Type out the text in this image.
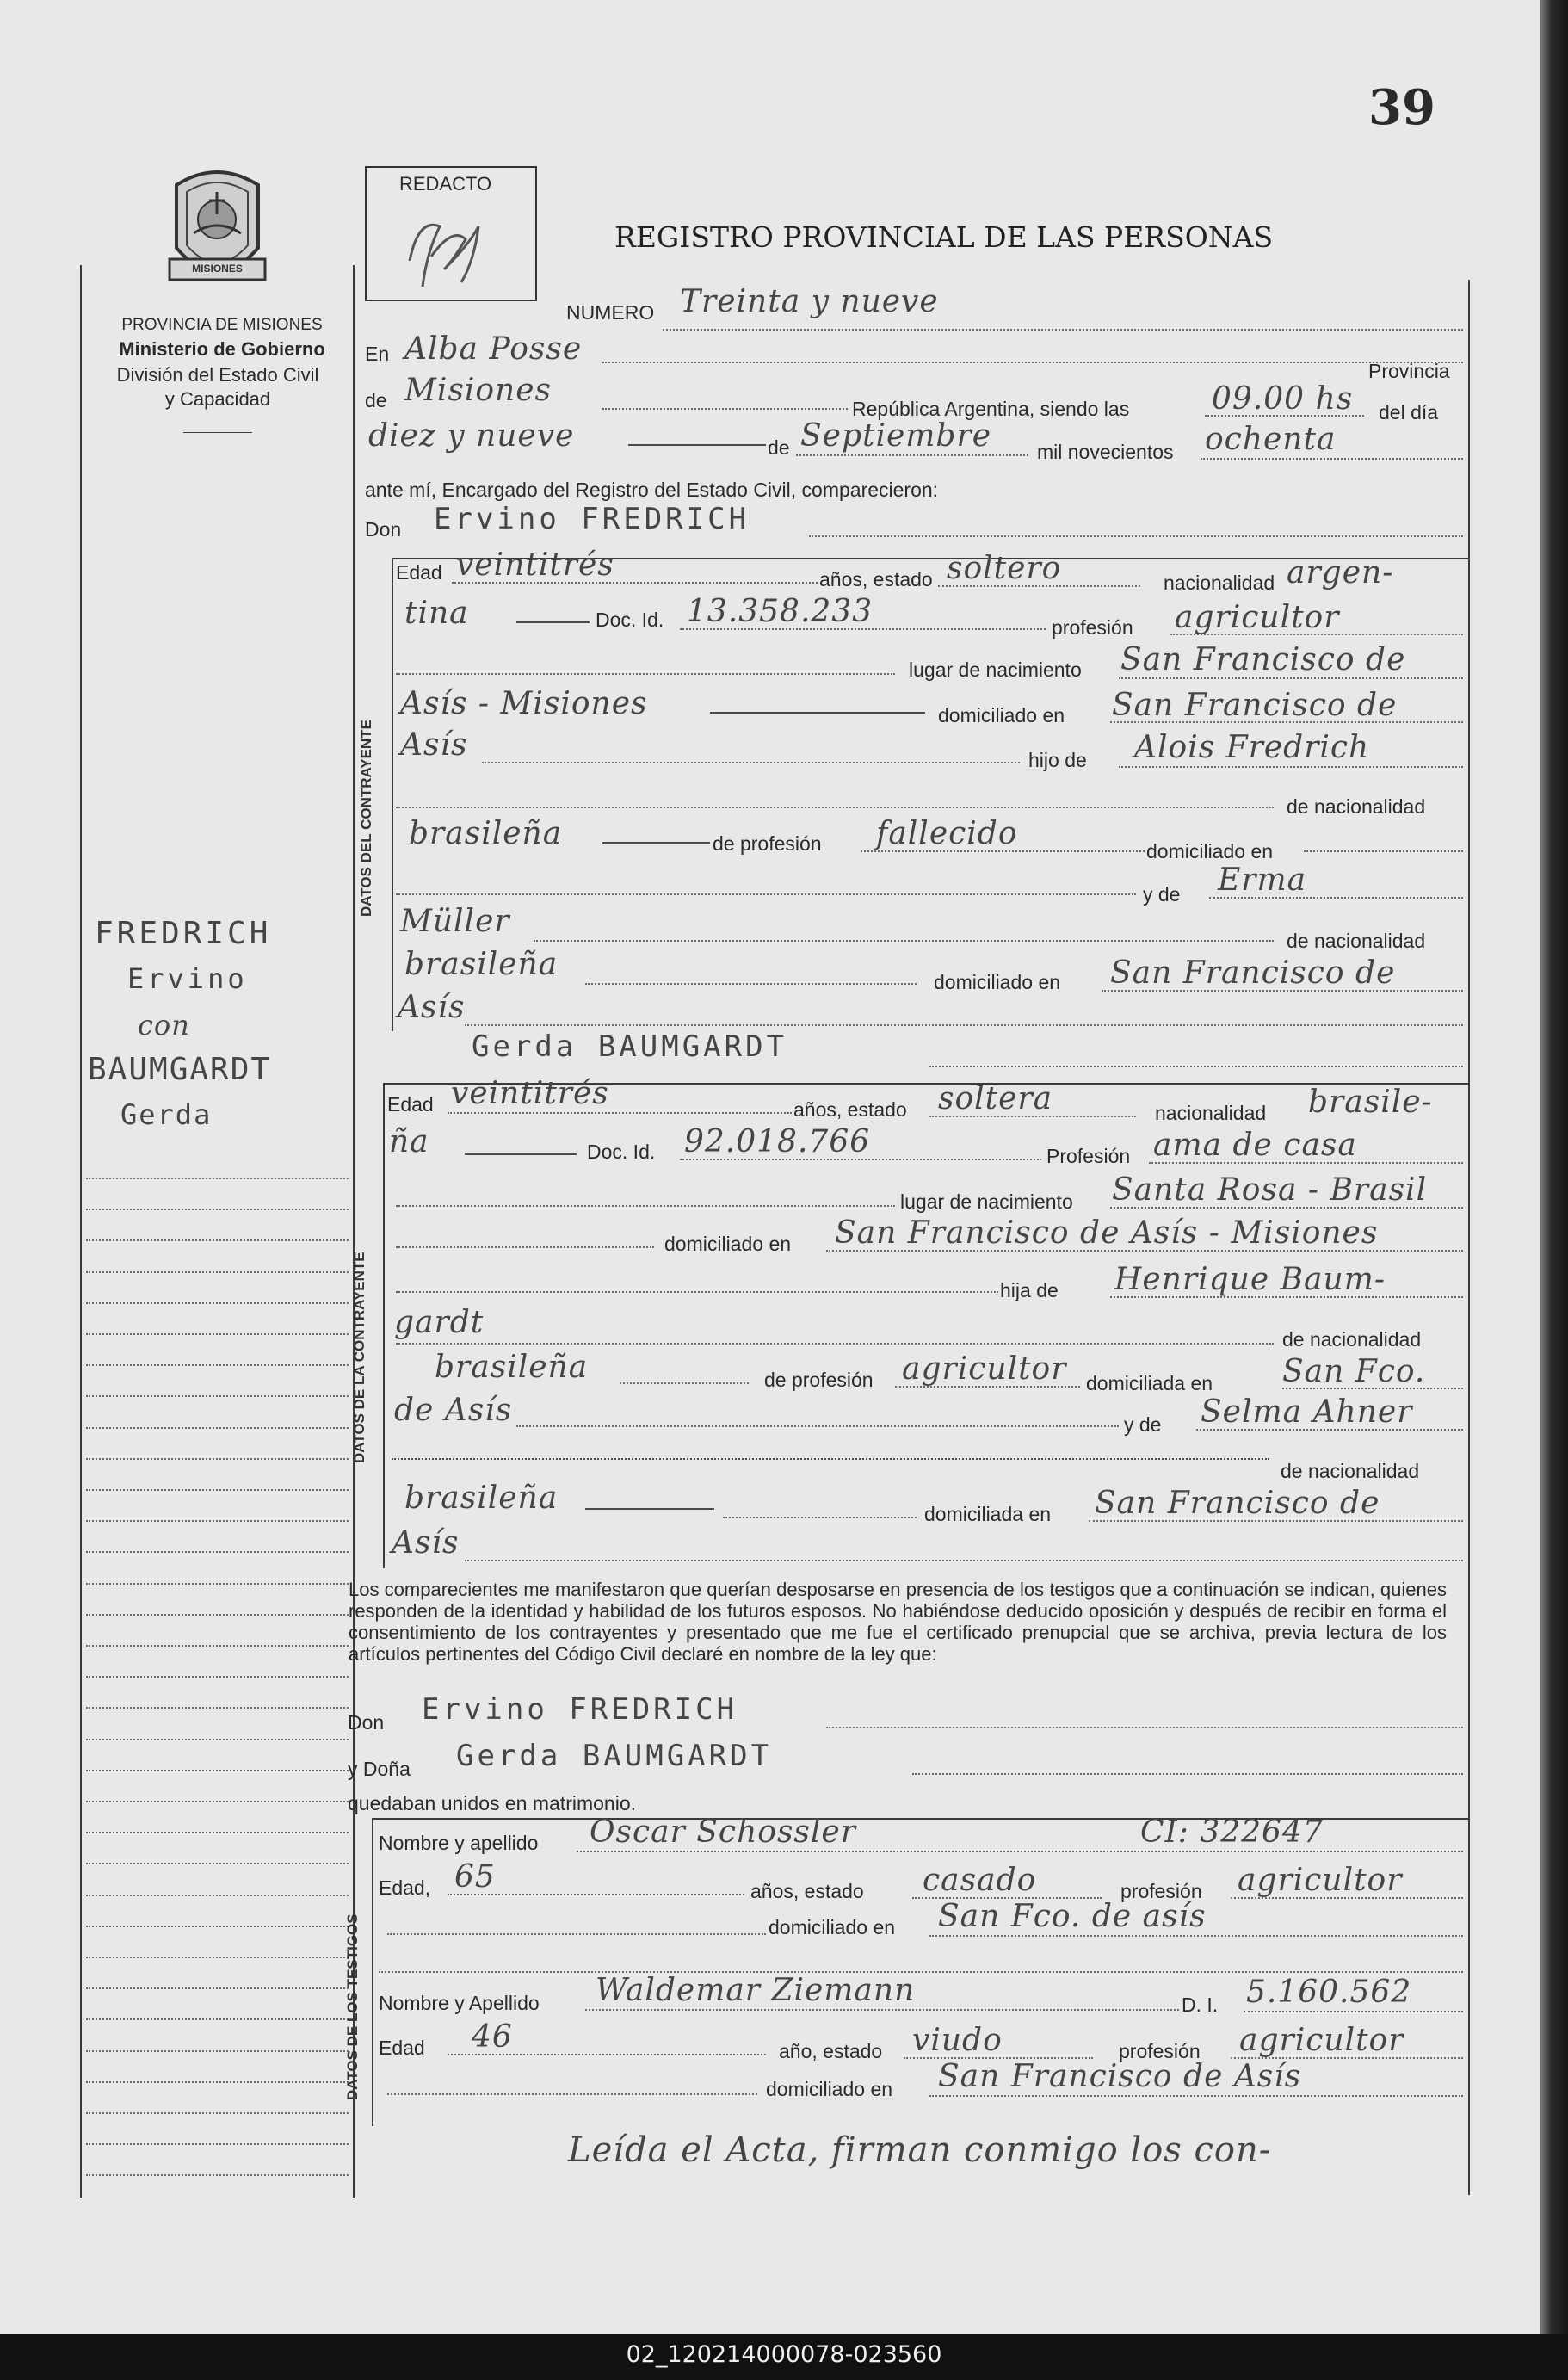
39
MISIONES
PROVINCIA DE MISIONES
Ministerio de Gobierno
División del Estado Civil
y Capacidad
FREDRICH
Ervino
con
BAUMGARDT
Gerda
REDACTO
REGISTRO PROVINCIAL DE LAS PERSONAS
NUMERO Treinta y nueve
En Alba Posse
Provincia
de Misiones
República Argentina, siendo las	09.00 hs del día
diez y nueve	de Septiembre mil novecientos ochenta
ante mí, Encargado del Registro del Estado Civil, comparecieron:
Don Ervino FREDRICH
DATOS DEL CONTRAYENTE
Edad veintitrés	años, estado soltero	nacionalidad argen-
tina	Doc. Id. 13.358.233	profesión agricultor
lugar de nacimiento San Francisco de
Asís - Misiones	domiciliado en San Francisco de
Asís	hijo de Alois Fredrich
de nacionalidad
brasileña	de profesión fallecido	domiciliado en
y de Erma
Müller
de nacionalidad
brasileña	domiciliado en San Francisco de
Asís
Gerda BAUMGARDT
DATOS DE LA CONTRAYENTE
Edad veintitrés	años, estado soltera	nacionalidad brasile-
ña	Doc. Id. 92.018.766	Profesión ama de casa
lugar de nacimiento Santa Rosa - Brasil
domiciliado en San Francisco de Asís - Misiones
hija de Henrique Baum-
gardt	de nacionalidad
brasileña	de profesión agricultor domiciliada en San Fco.
de Asís	y de Selma Ahner
de nacionalidad
brasileña	domiciliada en San Francisco de
Asís
Los comparecientes me manifestaron que querían desposarse en presencia de los testigos que a continuación se indican, quienes responden de la identidad y habilidad de los futuros esposos. No habiéndose deducido oposición y después de recibir en forma el consentimiento de los contrayentes y presentado que me fue el certificado prenupcial que se archiva, previa lectura de los artículos pertinentes del Código Civil declaré en nombre de la ley que:
Don Ervino FREDRICH
y Doña Gerda BAUMGARDT
quedaban unidos en matrimonio.
DATOS DE LOS TESTIGOS
Nombre y apellido Oscar Schossler	CI: 322647
Edad, 65	años, estado casado	profesión agricultor
domiciliado en San Fco. de asís
Nombre y Apellido Waldemar Ziemann	D. I. 5.160.562
Edad 46	año, estado viudo	profesión agricultor
domiciliado en San Francisco de Asís
Leída el Acta, firman conmigo los con-
02_120214000078-023560
